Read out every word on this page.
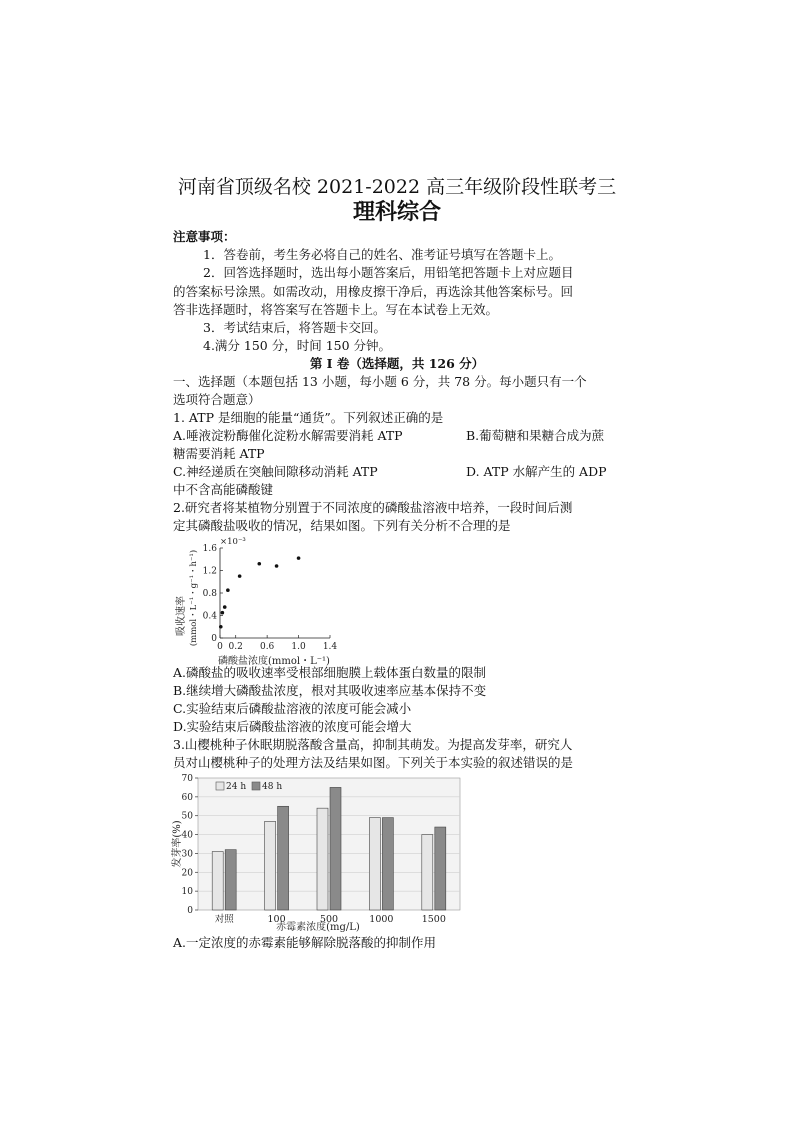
河南省顶级名校 2021-2022 高三年级阶段性联考三
理科综合
注意事项：
1．答卷前，考生务必将自己的姓名、准考证号填写在答题卡上。
2．回答选择题时，选出每小题答案后，用铅笔把答题卡上对应题目
的答案标号涂黑。如需改动，用橡皮擦干净后，再选涂其他答案标号。回
答非选择题时，将答案写在答题卡上。写在本试卷上无效。
3．考试结束后，将答题卡交回。
4.满分 150 分，时间 150 分钟。
第 I 卷（选择题，共 126 分）
一、选择题（本题包括 13 小题，每小题 6 分，共 78 分。每小题只有一个
选项符合题意）
1. ATP 是细胞的能量“通货”。下列叙述正确的是
A.唾液淀粉酶催化淀粉水解需要消耗 ATP	B.葡萄糖和果糖合成为蔗
糖需要消耗 ATP
C.神经递质在突触间隙移动消耗 ATP	D. ATP 水解产生的 ADP
中不含高能磷酸键
2.研究者将某植物分别置于不同浓度的磷酸盐溶液中培养，一段时间后测
定其磷酸盐吸收的情况，结果如图。下列有关分析不合理的是
0
0.4
0.8
1.2
1.6
0 0.2 0.6 1.0 1.4
×10⁻³
吸收速率 (mmol・L⁻¹・g⁻¹・h⁻¹)
磷酸盐浓度(mmol・L⁻¹)
A.磷酸盐的吸收速率受根部细胞膜上载体蛋白数量的限制
B.继续增大磷酸盐浓度，根对其吸收速率应基本保持不变
C.实验结束后磷酸盐溶液的浓度可能会减小
D.实验结束后磷酸盐溶液的浓度可能会增大
3.山樱桃种子休眠期脱落酸含量高，抑制其萌发。为提高发芽率，研究人
员对山樱桃种子的处理方法及结果如图。下列关于本实验的叙述错误的是
0
10
20
30
40
50
60
70
对照	100	500	1000	1500
24 h 48 h
发芽率(%)
赤霉素浓度(mg/L)
A.一定浓度的赤霉素能够解除脱落酸的抑制作用
